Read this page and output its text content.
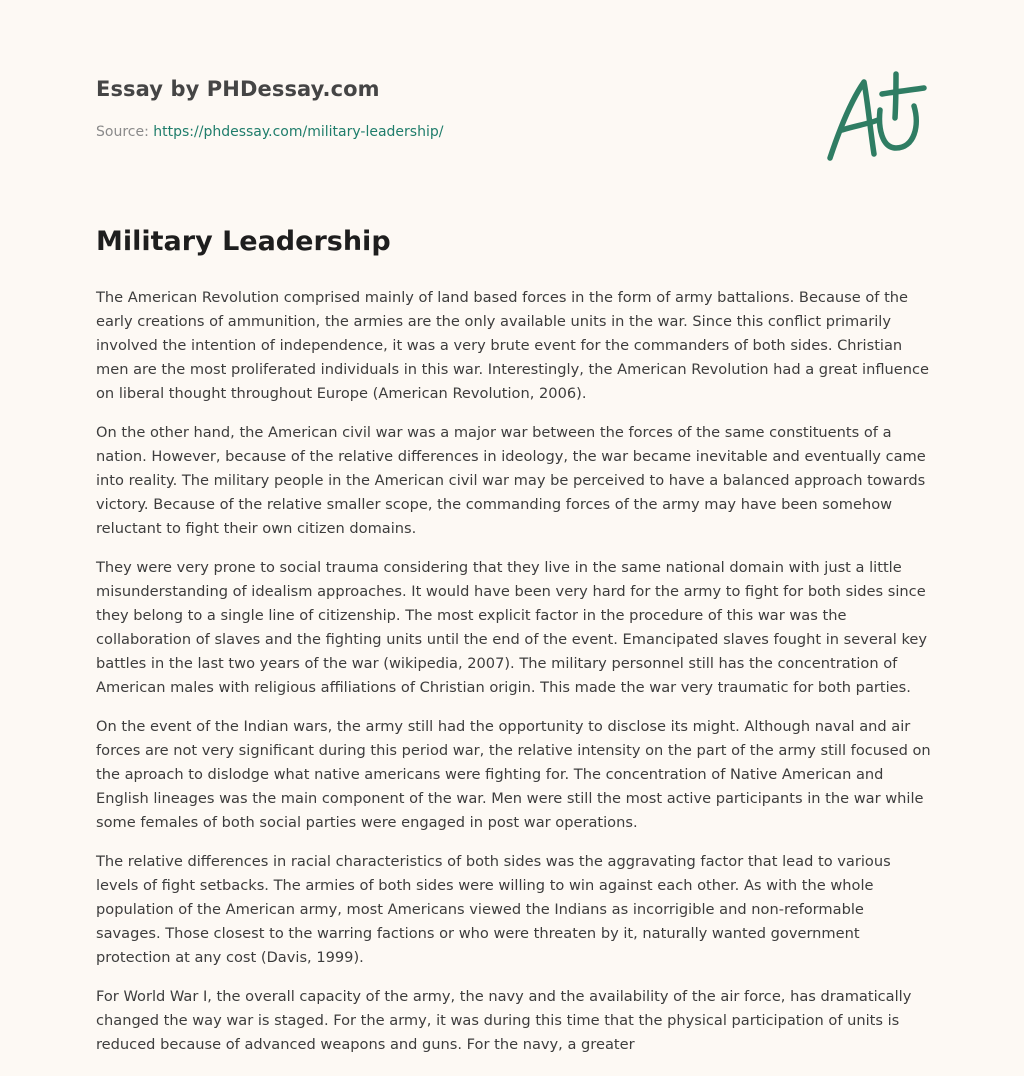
Essay by PHDessay.com
Source: https://phdessay.com/military-leadership/
Military Leadership

The American Revolution comprised mainly of land based forces in the form of army battalions. Because of the early creations of ammunition, the armies are the only available units in the war. Since this conflict primarily involved the intention of independence, it was a very brute event for the commanders of both sides. Christian men are the most proliferated individuals in this war. Interestingly, the American Revolution had a great influence on liberal thought throughout Europe (American Revolution, 2006).

On the other hand, the American civil war was a major war between the forces of the same constituents of a nation. However, because of the relative differences in ideology, the war became inevitable and eventually came into reality. The military people in the American civil war may be perceived to have a balanced approach towards victory. Because of the relative smaller scope, the commanding forces of the army may have been somehow reluctant to fight their own citizen domains.

They were very prone to social trauma considering that they live in the same national domain with just a little misunderstanding of idealism approaches. It would have been very hard for the army to fight for both sides since they belong to a single line of citizenship. The most explicit factor in the procedure of this war was the collaboration of slaves and the fighting units until the end of the event. Emancipated slaves fought in several key battles in the last two years of the war (wikipedia, 2007). The military personnel still has the concentration of American males with religious affiliations of Christian origin. This made the war very traumatic for both parties.

On the event of the Indian wars, the army still had the opportunity to disclose its might. Although naval and air forces are not very significant during this period war, the relative intensity on the part of the army still focused on the aproach to dislodge what native americans were fighting for. The concentration of Native American and English lineages was the main component of the war. Men were still the most active participants in the war while some females of both social parties were engaged in post war operations.

The relative differences in racial characteristics of both sides was the aggravating factor that lead to various levels of fight setbacks. The armies of both sides were willing to win against each other. As with the whole population of the American army, most Americans viewed the Indians as incorrigible and non-reformable savages. Those closest to the warring factions or who were threaten by it, naturally wanted government protection at any cost (Davis, 1999).

For World War I, the overall capacity of the army, the navy and the availability of the air force, has dramatically changed the way war is staged. For the army, it was during this time that the physical participation of units is reduced because of advanced weapons and guns. For the navy, a greater
